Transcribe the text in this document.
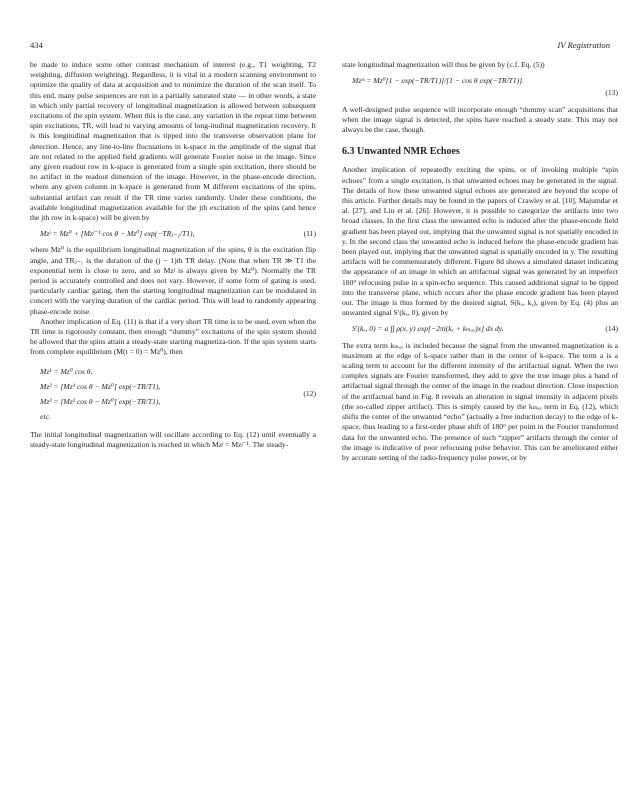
434	IV Registration

be made to induce some other contrast mechanism of interest (e.g., T1 weighting, T2 weighting, diffusion weighting). Regardless, it is vital in a modern scanning environment to optimize the quality of data at acquisition and to minimize the duration of the scan itself. To this end, many pulse sequences are run in a partially saturated state — in other words, a state in which only partial recovery of longitudinal magnetization is allowed between subsequent excitations of the spin system. When this is the case, any variation in the repeat time between spin excitations, TR, will lead to varying amounts of long-itudinal magnetization recovery. It is this longitudinal magnetization that is tipped into the transverse observation plane for detection. Hence, any line-to-line fluctuations in k-space in the amplitude of the signal that are not related to the applied field gradients will generate Fourier noise in the image. Since any given readout row in k-space is generated from a single spin excitation, there should be no artifact in the readout dimension of the image. However, in the phase-encode direction, where any given column in k-space is generated from M different excitations of the spins, substantial artifact can result if the TR time varies randomly. Under these conditions, the available longitudinal magnetization available for the jth excitation of the spins (and hence the jth row in k-space) will be given by

Mzʲ = Mz⁰ + [Mzʲ⁻¹ cos θ − Mz⁰] exp(−TRⱼ₋₁/T1),	(11)

where Mz⁰ is the equilibrium longitudinal magnetization of the spins, θ is the excitation flip angle, and TRⱼ₋₁ is the duration of the (j − 1)th TR delay. (Note that when TR ≫ T1 the exponential term is close to zero, and so Mzʲ is always given by Mz⁰). Normally the TR period is accurately controlled and does not vary. However, if some form of gating is used, particularly cardiac gating, then the starting longitudinal magnetization can be modulated in concert with the varying duration of the cardiac period. This will lead to randomly appearing phase-encode noise.

Another implication of Eq. (11) is that if a very short TR time is to be used, even when the TR time is rigorously constant, then enough “dummy” excitations of the spin system should be allowed that the spins attain a steady-state starting magnetiza-tion. If the spin system starts from complete equilibrium (M(t = 0) = Mz⁰), then

Mz¹ = Mz⁰ cos θ,
Mz² = [Mz¹ cos θ − Mz⁰] exp(−TR/T1),
Mz³ = [Mz² cos θ − Mz⁰] exp(−TR/T1),
etc.
(12)

The initial longitudinal magnetization will oscillate according to Eq. (12) until eventually a steady-state longitudinal magnetization is reached in which Mzʲ = Mzʲ⁻¹. The steady-

state longitudinal magnetization will thus be given by (c.f. Eq. (5))

Mzˢˢ = Mz⁰[1 − exp(−TR/T1)]/[1 − cos θ exp(−TR/T1)].
(13)

A well-designed pulse sequence will incorporate enough “dummy scan” acquisitions that when the image signal is detected, the spins have reached a steady state. This may not always be the case, though.

6.3 Unwanted NMR Echoes

Another implication of repeatedly exciting the spins, or of invoking multiple “spin echoes” from a single excitation, is that unwanted echoes may be generated in the signal. The details of how these unwanted signal echoes are generated are beyond the scope of this article. Further details may be found in the papers of Crawley et al. [10], Majumdar et al. [27], and Liu et al. [26]. However, it is possible to categorize the artifacts into two broad classes. In the first class the unwanted echo is induced after the phase-encode field gradient has been played out, implying that the unwanted signal is not spatially encoded in y. In the second class the unwanted echo is induced before the phase-encode gradient has been played out, implying that the unwanted signal is spatially encoded in y. The resulting artifacts will be commensurately different. Figure 8d shows a simulated dataset indicating the appearance of an image in which an artifactual signal was generated by an imperfect 180° refocusing pulse in a spin-echo sequence. This caused additional signal to be tipped into the transverse plane, which occurs after the phase encode gradient has been played out. The image is thus formed by the desired signal, S(kₓ, kᵧ), given by Eq. (4) plus an unwanted signal S′(kₓ, 0), given by

S′(kₓ, 0) = a ∫∫ ρ(x, y) exp[−2πi(kₓ + kₘₐₓ)x] dx dy.	(14)

The extra term kₘₐₓ is included because the signal from the unwanted magnetization is a maximum at the edge of k-space rather than in the center of k-space. The term a is a scaling term to account for the different intensity of the artifactual signal. When the two complex signals are Fourier transformed, they add to give the true image plus a band of artifactual signal through the center of the image in the readout direction. Close inspection of the artifactual band in Fig. 8 reveals an alteration in signal intensity in adjacent pixels (the so-called zipper artifact). This is simply caused by the kₘₐₓ term in Eq. (12), which shifts the center of the unwanted “echo” (actually a free induction decay) to the edge of k-space, thus leading to a first-order phase shift of 180° per point in the Fourier transformed data for the unwanted echo. The presence of such “zipper” artifacts through the center of the image is indicative of poor refocusing pulse behavior. This can be ameliorated either by accurate setting of the radio-frequency pulse power, or by
